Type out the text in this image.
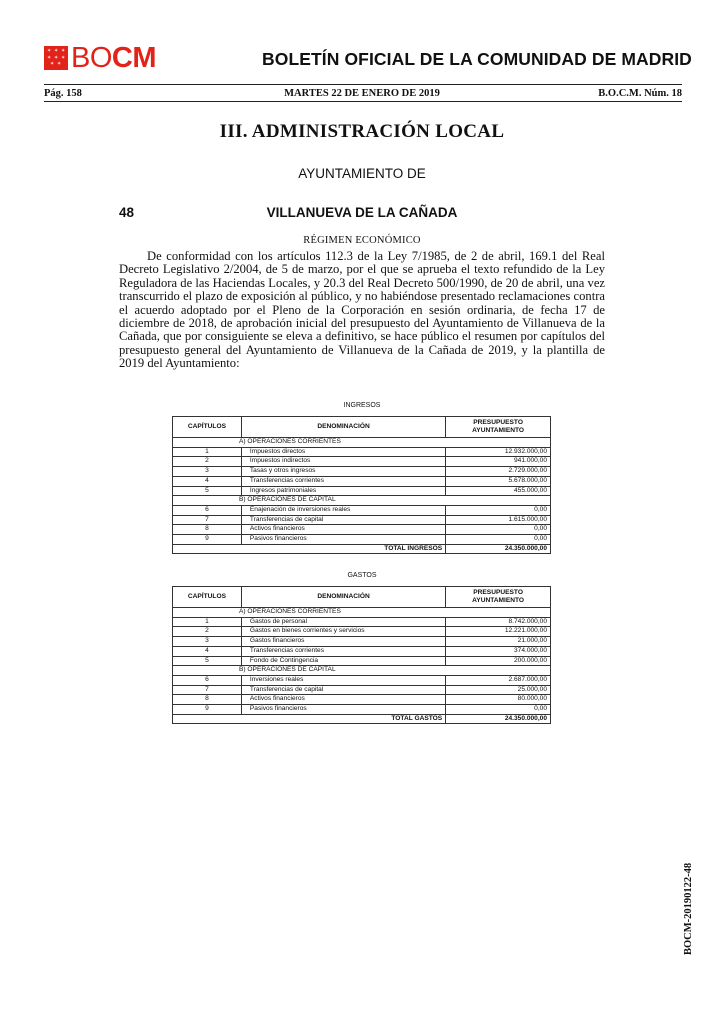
✶ ✶ ✶
✶ ✶ ✶
✶ ✶ BOCM	BOLETÍN OFICIAL DE LA COMUNIDAD DE MADRID
Pág. 158	MARTES 22 DE ENERO DE 2019	B.O.C.M. Núm. 18
III. ADMINISTRACIÓN LOCAL
AYUNTAMIENTO DE
48	VILLANUEVA DE LA CAÑADA
RÉGIMEN ECONÓMICO
De conformidad con los artículos 112.3 de la Ley 7/1985, de 2 de abril, 169.1 del Real Decreto Legislativo 2/2004, de 5 de marzo, por el que se aprueba el texto refundido de la Ley Reguladora de las Haciendas Locales, y 20.3 del Real Decreto 500/1990, de 20 de abril, una vez transcurrido el plazo de exposición al público, y no habiéndose presentado reclamaciones contra el acuerdo adoptado por el Pleno de la Corporación en sesión ordinaria, de fecha 17 de diciembre de 2018, de aprobación inicial del presupuesto del Ayuntamiento de Villanueva de la Cañada, que por consiguiente se eleva a definitivo, se hace público el resumen por capítulos del presupuesto general del Ayuntamiento de Villanueva de la Cañada de 2019, y la plantilla de 2019 del Ayuntamiento:
INGRESOS
CAPÍTULOS	DENOMINACIÓN	PRESUPUESTO
AYUNTAMIENTO
A) OPERACIONES CORRIENTES		
1	Impuestos directos	12.932.000,00
2	Impuestos indirectos	941.000,00
3	Tasas y otros ingresos	2.729.000,00
4	Transferencias corrientes	5.678.000,00
5	Ingresos patrimoniales	455.000,00
B) OPERACIONES DE CAPITAL		
6	Enajenación de inversiones reales	0,00
7	Transferencias de capital	1.615.000,00
8	Activos financieros	0,00
9	Pasivos financieros	0,00
TOTAL INGRESOS		24.350.000,00
GASTOS
CAPÍTULOS	DENOMINACIÓN	PRESUPUESTO
AYUNTAMIENTO
A) OPERACIONES CORRIENTES		
1	Gastos de personal	8.742.000,00
2	Gastos en bienes corrientes y servicios	12.221.000,00
3	Gastos financieros	21.000,00
4	Transferencias corrientes	374.000,00
5	Fondo de Contingencia	200.000,00
B) OPERACIONES DE CAPITAL		
6	Inversiones reales	2.687.000,00
7	Transferencias de capital	25.000,00
8	Activos financieros	80.000,00
9	Pasivos financieros	0,00
TOTAL GASTOS		24.350.000,00
BOCM-20190122-48
